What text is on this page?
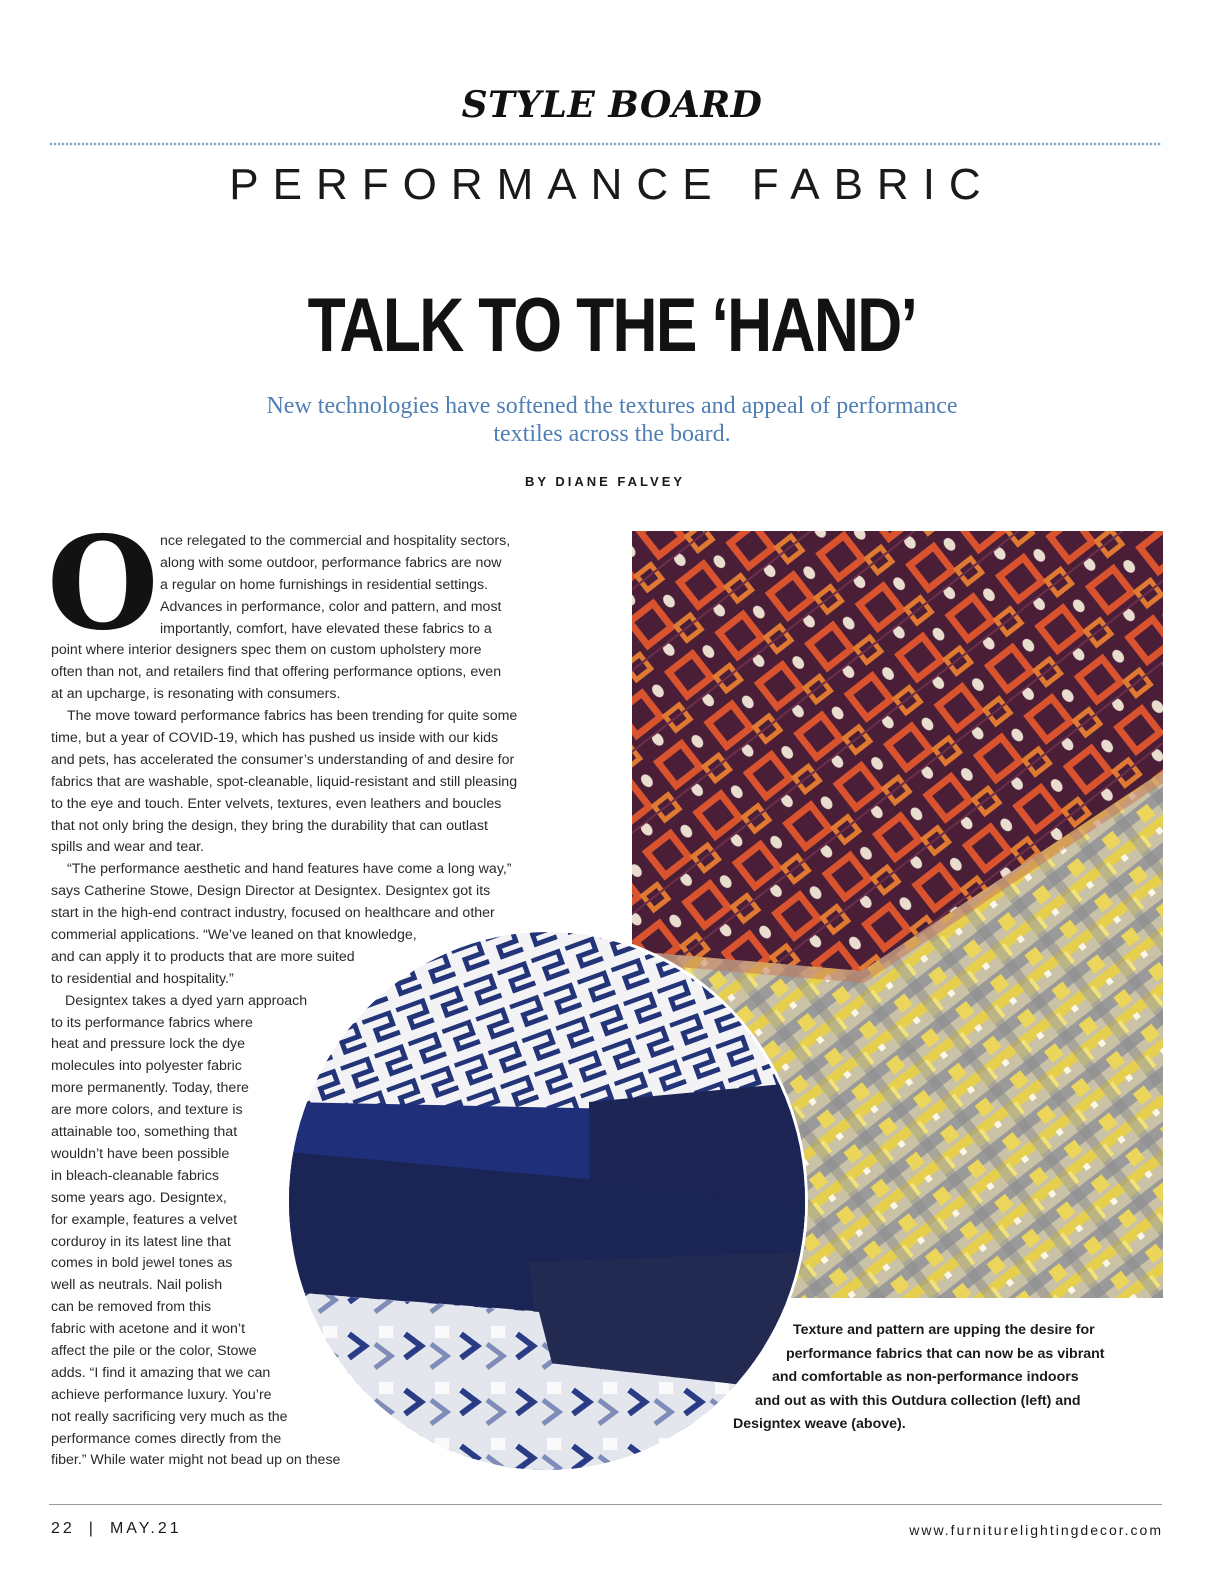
STYLE BOARD
PERFORMANCE FABRIC
TALK TO THE ‘HAND’
New technologies have softened the textures and appeal of performance textiles across the board.
BY DIANE FALVEY
O nce relegated to the commercial and hospitality sectors,
along with some outdoor, performance fabrics are now
a regular on home furnishings in residential settings.
Advances in performance, color and pattern, and most
importantly, comfort, have elevated these fabrics to a
point where interior designers spec them on custom upholstery more
often than not, and retailers find that offering performance options, even
at an upcharge, is resonating with consumers.
The move toward performance fabrics has been trending for quite some
time, but a year of COVID-19, which has pushed us inside with our kids
and pets, has accelerated the consumer’s understanding of and desire for
fabrics that are washable, spot-cleanable, liquid-resistant and still pleasing
to the eye and touch. Enter velvets, textures, even leathers and boucles
that not only bring the design, they bring the durability that can outlast
spills and wear and tear.
“The performance aesthetic and hand features have come a long way,”
says Catherine Stowe, Design Director at Designtex. Designtex got its
start in the high-end contract industry, focused on healthcare and other
commerial applications. “We’ve leaned on that knowledge,
and can apply it to products that are more suited
to residential and hospitality.”
Designtex takes a dyed yarn approach
to its performance fabrics where
heat and pressure lock the dye
molecules into polyester fabric
more permanently. Today, there
are more colors, and texture is
attainable too, something that
wouldn’t have been possible
in bleach-cleanable fabrics
some years ago. Designtex,
for example, features a velvet
corduroy in its latest line that
comes in bold jewel tones as
well as neutrals. Nail polish
can be removed from this
fabric with acetone and it won’t
affect the pile or the color, Stowe
adds. “I find it amazing that we can
achieve performance luxury. You’re
not really sacrificing very much as the
performance comes directly from the
fiber.” While water might not bead up on these
Texture and pattern are upping the desire for
performance fabrics that can now be as vibrant
and comfortable as non-performance indoors
and out as with this Outdura collection (left) and
Designtex weave (above).
22 | MAY.21	www.furniturelightingdecor.com
